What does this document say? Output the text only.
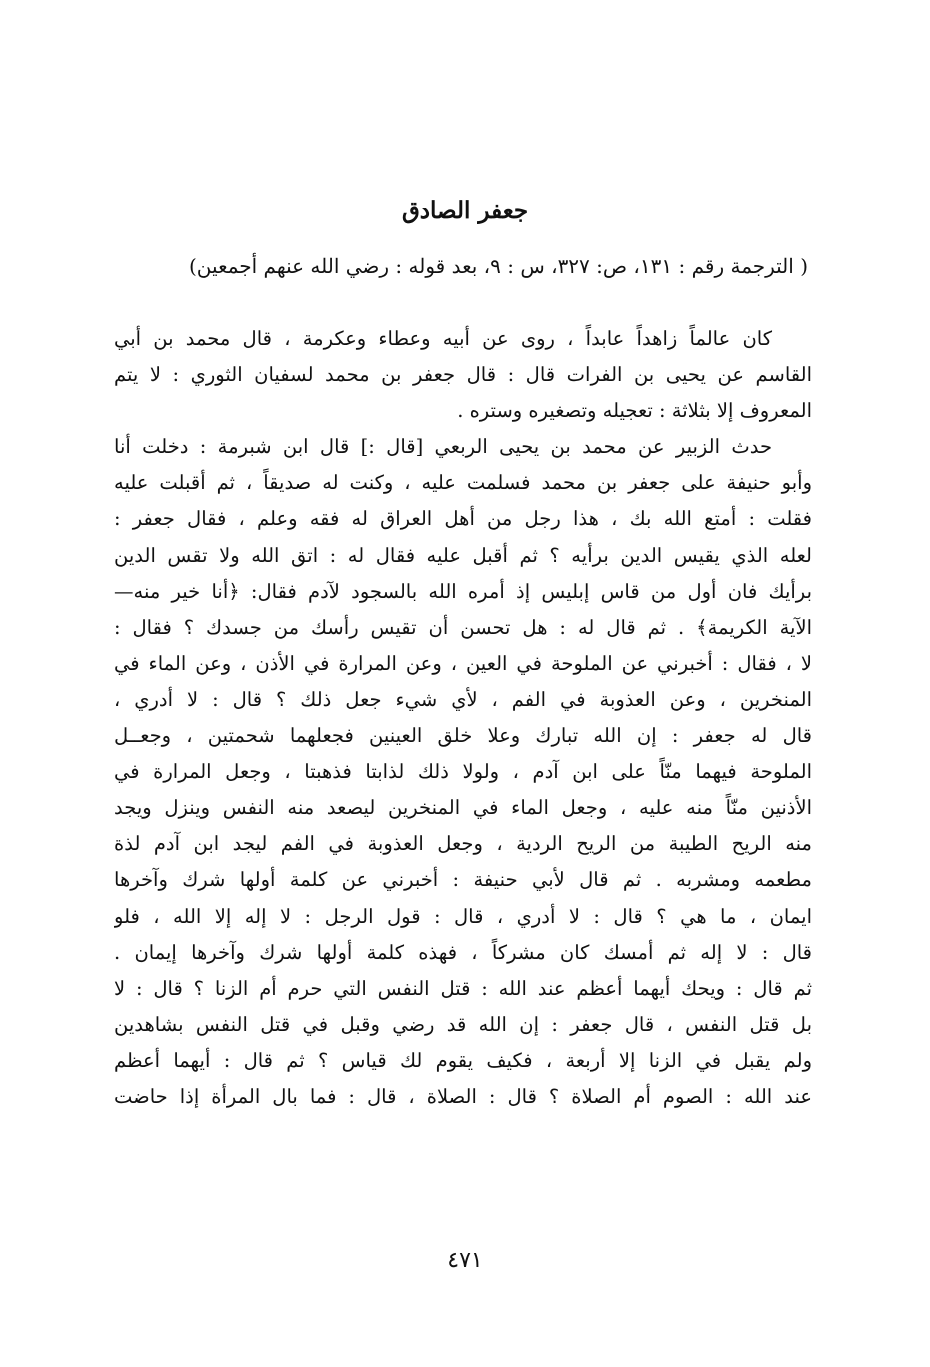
جعفر الصادق

( الترجمة رقم : ١٣١، ص: ٣٢٧، س : ٩، بعد قوله : رضي الله عنهم أجمعين)

كان عالماً زاهداً عابداً ، روى عن أبيه وعطاء وعكرمة ، قال محمد بن أبي
القاسم عن يحيى بن الفرات قال : قال جعفر بن محمد لسفيان الثوري : لا يتم
المعروف إلا بثلاثة : تعجيله وتصغيره وستره .
حدث الزبير عن محمد بن يحيى الربعي [قال :] قال ابن شبرمة : دخلت أنا
وأبو حنيفة على جعفر بن محمد فسلمت عليه ، وكنت له صديقاً ، ثم أقبلت عليه
فقلت : أمتع الله بك ، هذا رجل من أهل العراق له فقه وعلم ، فقال جعفر :
لعله الذي يقيس الدين برأيه ؟ ثم أقبل عليه فقال له : اتق الله ولا تقس الدين
برأيك فان أول من قاس إبليس إذ أمره الله بالسجود لآدم فقال: ﴿أنا خير منه—
الآية الكريمة﴾ . ثم قال له : هل تحسن أن تقيس رأسك من جسدك ؟ فقال :
لا ، فقال : أخبرني عن الملوحة في العين ، وعن المرارة في الأذن ، وعن الماء في
المنخرين ، وعن العذوبة في الفم ، لأي شيء جعل ذلك ؟ قال : لا أدري ،
قال له جعفر : إن الله تبارك وعلا خلق العينين فجعلهما شحمتين ، وجعــل
الملوحة فيهما منّاً على ابن آدم ، ولولا ذلك لذابتا فذهبتا ، وجعل المرارة في
الأذنين منّاً منه عليه ، وجعل الماء في المنخرين ليصعد منه النفس وينزل ويجد
منه الريح الطيبة من الريح الردية ، وجعل العذوبة في الفم ليجد ابن آدم لذة
مطعمه ومشربه . ثم قال لأبي حنيفة : أخبرني عن كلمة أولها شرك وآخرها
ايمان ، ما هي ؟ قال : لا أدري ، قال : قول الرجل : لا إله إلا الله ، فلو
قال : لا إله ثم أمسك كان مشركاً ، فهذه كلمة أولها شرك وآخرها إيمان .
ثم قال : ويحك أيهما أعظم عند الله : قتل النفس التي حرم أم الزنا ؟ قال : لا
بل قتل النفس ، قال جعفر : إن الله قد رضي وقبل في قتل النفس بشاهدين
ولم يقبل في الزنا إلا أربعة ، فكيف يقوم لك قياس ؟ ثم قال : أيهما أعظم
عند الله : الصوم أم الصلاة ؟ قال : الصلاة ، قال : فما بال المرأة إذا حاضت
٤٧١
